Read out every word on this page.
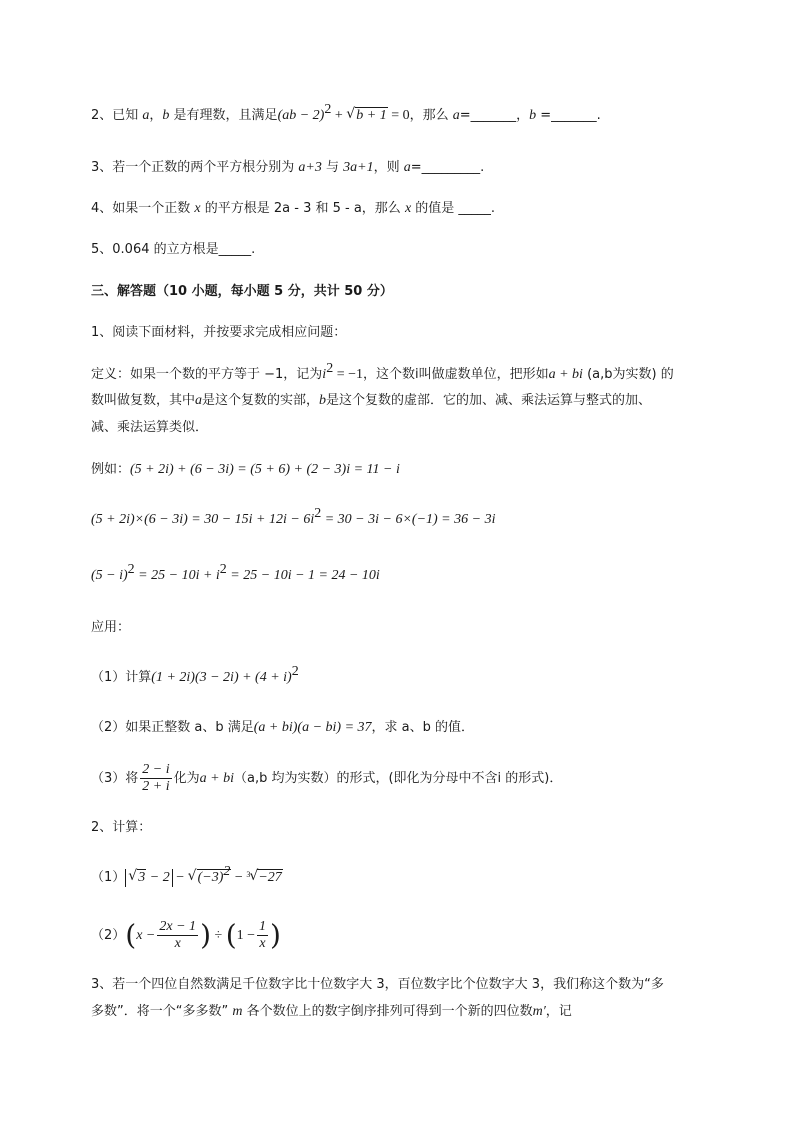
2、已知 a，b 是有理数，且满足(ab − 2)$^2$ + √ b + 1 = 0，那么 a=_______，b =_______.
3、若一个正数的两个平方根分别为 a+3 与 3a+1，则 a=_________.
4、如果一个正数 x 的平方根是 2a - 3 和 5 - a，那么 x 的值是 _____.
5、0.064 的立方根是_____.
三、解答题（10 小题，每小题 5 分，共计 50 分）
1、阅读下面材料，并按要求完成相应问题：
定义：如果一个数的平方等于 −1，记为$i^2 = -1$，这个数i叫做虚数单位，把形如a + bi (a,b为实数) 的
数叫做复数，其中a是这个复数的实部，b是这个复数的虚部．它的加、减、乘法运算与整式的加、
减、乘法运算类似．
例如：(5 + 2i) + (6 − 3i) = (5 + 6) + (2 − 3)i = 11 − i
$(5 + 2i)\times(6 - 3i) = 30 - 15i + 12i - 6i^2 = 30 - 3i - 6\times(-1) = 36 - 3i$
$(5 - i)^2 = 25 - 10i + i^2 = 25 - 10i - 1 = 24 - 10i$
应用：
（1）计算$(1 + 2i)(3 - 2i) + (4 + i)^2$
（2）如果正整数 a、b 满足(a + bi)(a − bi) = 37，求 a、b 的值．
（3）将 $\frac{2 - i}{2 + i}$ 化为a + bi（a,b 均为实数）的形式，(即化为分母中不含i 的形式)．
2、计算：
（1） √ 3 − 2 − √ $(-3)^2$ − √ 3 −27
$(2)(x - \frac{2x - 1}{x}$ ) ÷ ($1 - \frac{1}{x}$ )
3、若一个四位自然数满足千位数字比十位数字大 3，百位数字比个位数字大 3，我们称这个数为“多
多数”．将一个“多多数” m 各个数位上的数字倒序排列可得到一个新的四位数m′，记
